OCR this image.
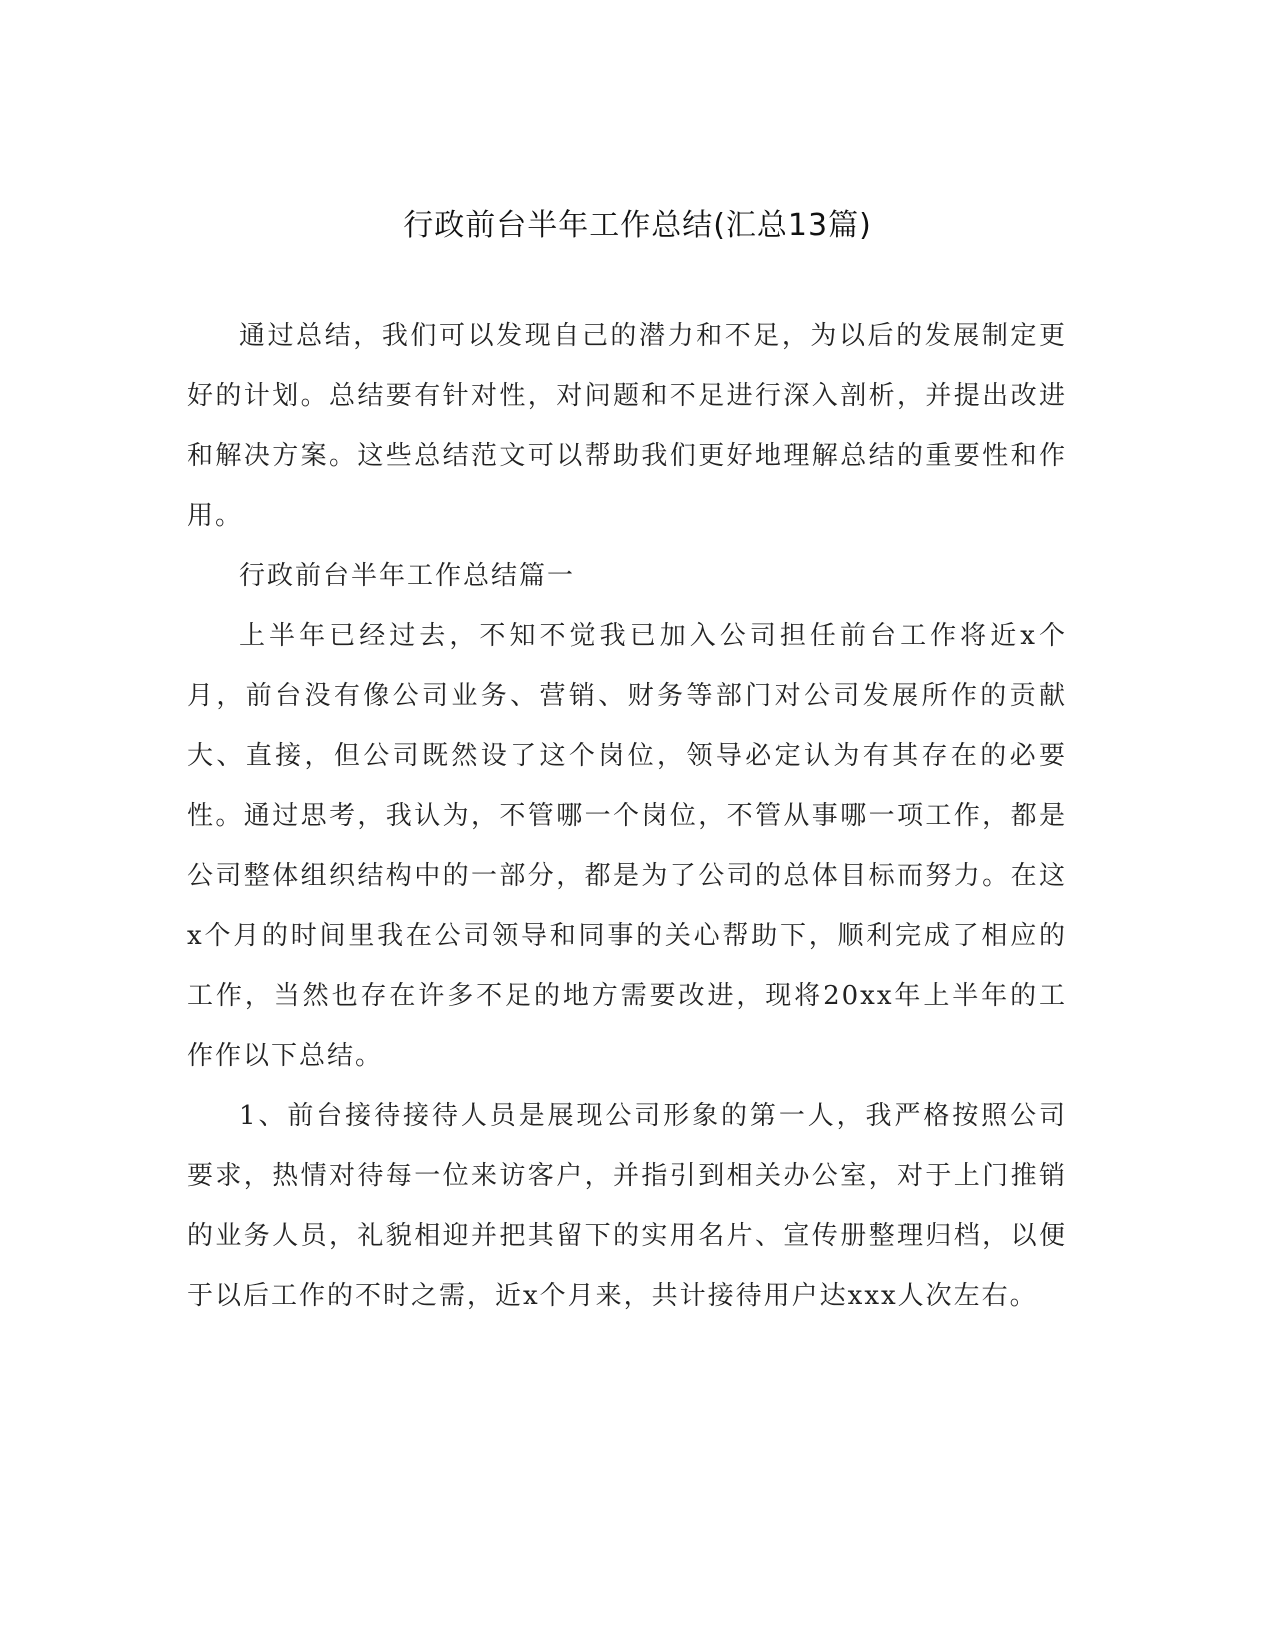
行政前台半年工作总结(汇总13篇)

通过总结，我们可以发现自己的潜力和不足，为以后的发展制定更好的计划。总结要有针对性，对问题和不足进行深入剖析，并提出改进和解决方案。这些总结范文可以帮助我们更好地理解总结的重要性和作用。

行政前台半年工作总结篇一

上半年已经过去，不知不觉我已加入公司担任前台工作将近x个月，前台没有像公司业务、营销、财务等部门对公司发展所作的贡献大、直接，但公司既然设了这个岗位，领导必定认为有其存在的必要性。通过思考，我认为，不管哪一个岗位，不管从事哪一项工作，都是公司整体组织结构中的一部分，都是为了公司的总体目标而努力。在这x个月的时间里我在公司领导和同事的关心帮助下，顺利完成了相应的工作，当然也存在许多不足的地方需要改进，现将20xx年上半年的工作作以下总结。

1、前台接待接待人员是展现公司形象的第一人，我严格按照公司要求，热情对待每一位来访客户，并指引到相关办公室，对于上门推销的业务人员，礼貌相迎并把其留下的实用名片、宣传册整理归档，以便于以后工作的不时之需，近x个月来，共计接待用户达xxx人次左右。
